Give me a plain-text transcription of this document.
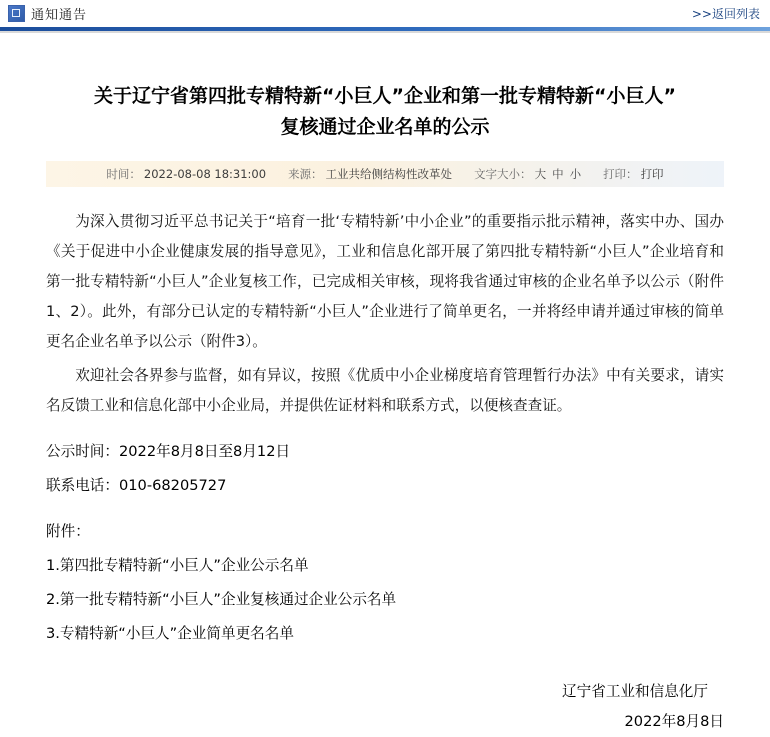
通知通告	>>返回列表
关于辽宁省第四批专精特新“小巨人”企业和第一批专精特新“小巨人”
复核通过企业名单的公示
时间： 2022-08-08 18:31:00 来源： 工业共给侧结构性改革处 文字大小： 大 中 小 打印： 打印

为深入贯彻习近平总书记关于“培育一批‘专精特新’中小企业”的重要指示批示精神，落实中办、国办《关于促进中小企业健康发展的指导意见》，工业和信息化部开展了第四批专精特新“小巨人”企业培育和第一批专精特新“小巨人”企业复核工作，已完成相关审核，现将我省通过审核的企业名单予以公示（附件1、2）。此外，有部分已认定的专精特新“小巨人”企业进行了简单更名，一并将经申请并通过审核的简单更名企业名单予以公示（附件3）。

欢迎社会各界参与监督，如有异议，按照《优质中小企业梯度培育管理暂行办法》中有关要求，请实名反馈工业和信息化部中小企业局，并提供佐证材料和联系方式，以便核查查证。

公示时间：2022年8月8日至8月12日
联系电话：010-68205727
附件：
1.第四批专精特新“小巨人”企业公示名单
2.第一批专精特新“小巨人”企业复核通过企业公示名单
3.专精特新“小巨人”企业简单更名名单
辽宁省工业和信息化厅
2022年8月8日
